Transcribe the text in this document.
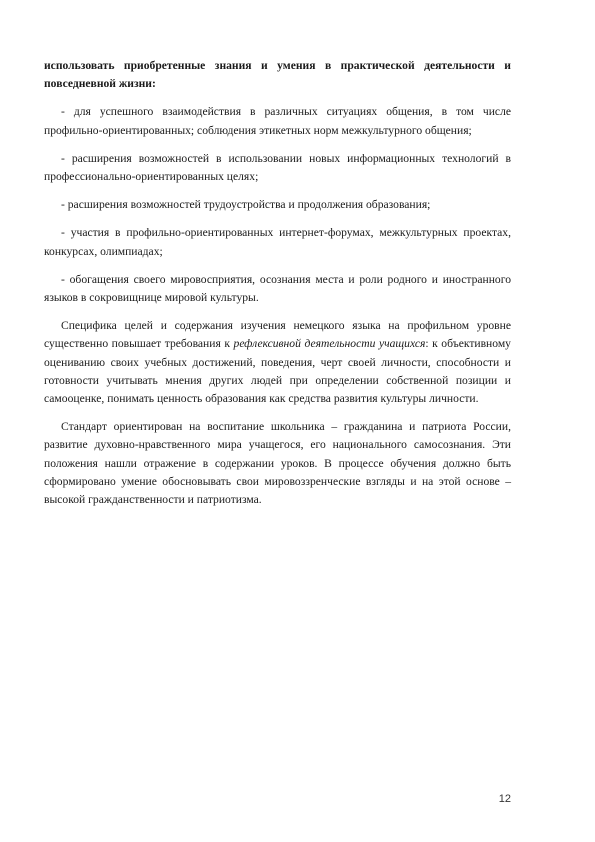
использовать приобретенные знания и умения в практической деятельности и повседневной жизни:

- для успешного взаимодействия в различных ситуациях общения, в том числе профильно-ориентированных; соблюдения этикетных норм межкультурного общения;

- расширения возможностей в использовании новых информационных технологий в профессионально-ориентированных целях;

- расширения возможностей трудоустройства и продолжения образования;

- участия в профильно-ориентированных интернет-форумах, межкультурных проектах, конкурсах, олимпиадах;

- обогащения своего мировосприятия, осознания места и роли родного и иностранного языков в сокровищнице мировой культуры.

Специфика целей и содержания изучения немецкого языка на профильном уровне существенно повышает требования к рефлексивной деятельности учащихся: к объективному оцениванию своих учебных достижений, поведения, черт своей личности, способности и готовности учитывать мнения других людей при определении собственной позиции и самооценке, понимать ценность образования как средства развития культуры личности.

Стандарт ориентирован на воспитание школьника – гражданина и патриота России, развитие духовно-нравственного мира учащегося, его национального самосознания. Эти положения нашли отражение в содержании уроков. В процессе обучения должно быть сформировано умение обосновывать свои мировоззренческие взгляды и на этой основе – высокой гражданственности и патриотизма.

12
